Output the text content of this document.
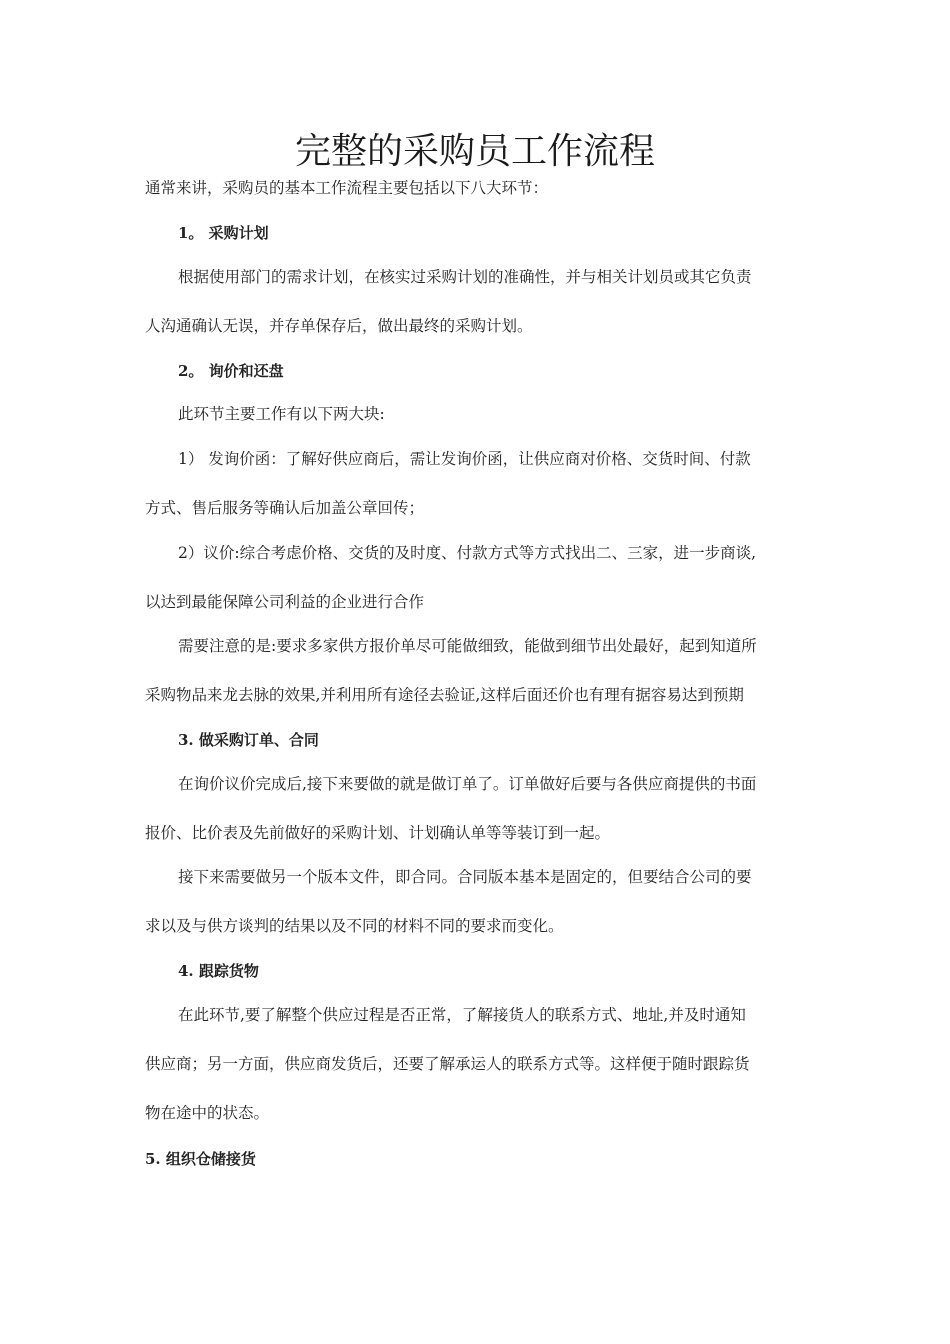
完整的采购员工作流程

通常来讲，采购员的基本工作流程主要包括以下八大环节：

1。 采购计划

根据使用部门的需求计划，在核实过采购计划的准确性，并与相关计划员或其它负责

人沟通确认无误，并存单保存后，做出最终的采购计划。

2。 询价和还盘

此环节主要工作有以下两大块:

1） 发询价函：了解好供应商后，需让发询价函，让供应商对价格、交货时间、付款

方式、售后服务等确认后加盖公章回传；

2）议价:综合考虑价格、交货的及时度、付款方式等方式找出二、三家，进一步商谈,

以达到最能保障公司利益的企业进行合作

需要注意的是:要求多家供方报价单尽可能做细致，能做到细节出处最好，起到知道所

采购物品来龙去脉的效果,并利用所有途径去验证,这样后面还价也有理有据容易达到预期

3. 做采购订单、合同

在询价议价完成后,接下来要做的就是做订单了。订单做好后要与各供应商提供的书面

报价、比价表及先前做好的采购计划、计划确认单等等装订到一起。

接下来需要做另一个版本文件，即合同。合同版本基本是固定的，但要结合公司的要

求以及与供方谈判的结果以及不同的材料不同的要求而变化。

4. 跟踪货物

在此环节,要了解整个供应过程是否正常，了解接货人的联系方式、地址,并及时通知

供应商；另一方面，供应商发货后，还要了解承运人的联系方式等。这样便于随时跟踪货

物在途中的状态。

5. 组织仓储接货
